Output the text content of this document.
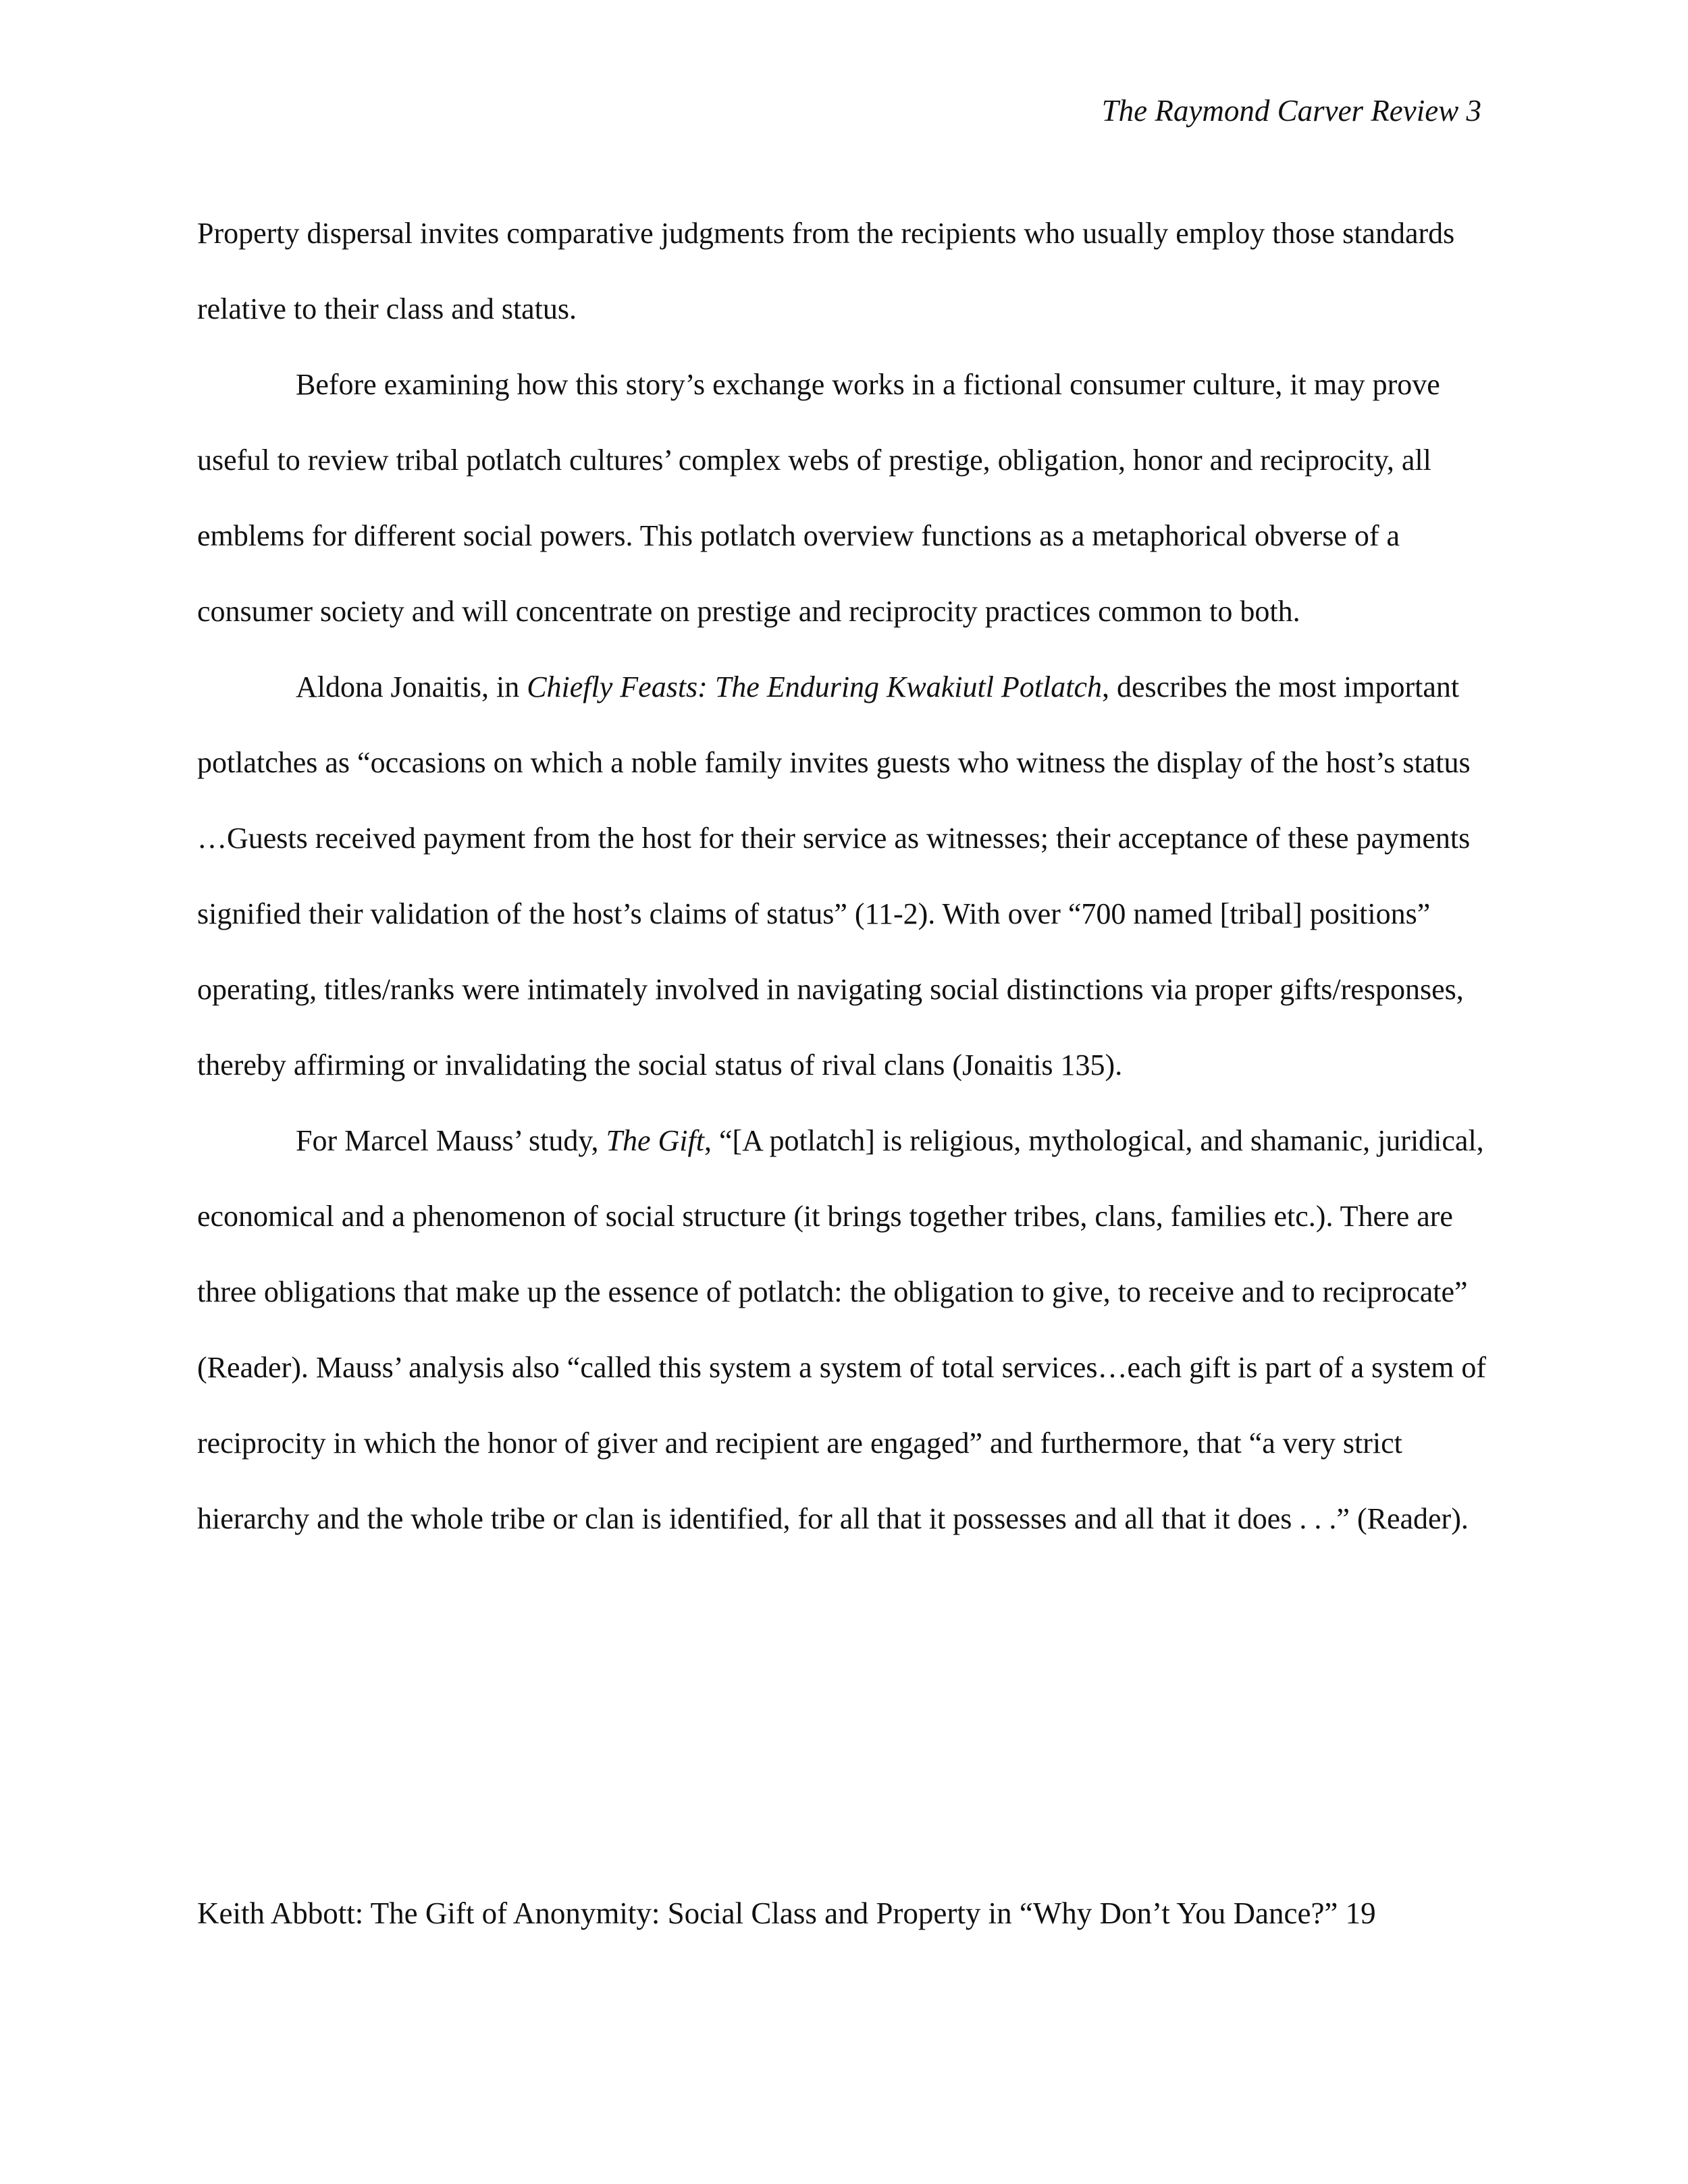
The Raymond Carver Review 3

Property dispersal invites comparative judgments from the recipients who usually employ those standards relative to their class and status.

Before examining how this story’s exchange works in a fictional consumer culture, it may prove useful to review tribal potlatch cultures’ complex webs of prestige, obligation, honor and reciprocity, all emblems for different social powers. This potlatch overview functions as a metaphorical obverse of a consumer society and will concentrate on prestige and reciprocity practices common to both.

Aldona Jonaitis, in Chiefly Feasts: The Enduring Kwakiutl Potlatch, describes the most important potlatches as “occasions on which a noble family invites guests who witness the display of the host’s status …Guests received payment from the host for their service as witnesses; their acceptance of these payments signified their validation of the host’s claims of status” (11-2). With over “700 named [tribal] positions” operating, titles/ranks were intimately involved in navigating social distinctions via proper gifts/responses, thereby affirming or invalidating the social status of rival clans (Jonaitis 135).

For Marcel Mauss’ study, The Gift, “[A potlatch] is religious, mythological, and shamanic, juridical, economical and a phenomenon of social structure (it brings together tribes, clans, families etc.). There are three obligations that make up the essence of potlatch: the obligation to give, to receive and to reciprocate” (Reader). Mauss’ analysis also “called this system a system of total services…each gift is part of a system of reciprocity in which the honor of giver and recipient are engaged” and furthermore, that “a very strict hierarchy and the whole tribe or clan is identified, for all that it possesses and all that it does . . .” (Reader).

Keith Abbott: The Gift of Anonymity: Social Class and Property in “Why Don’t You Dance?” 19
